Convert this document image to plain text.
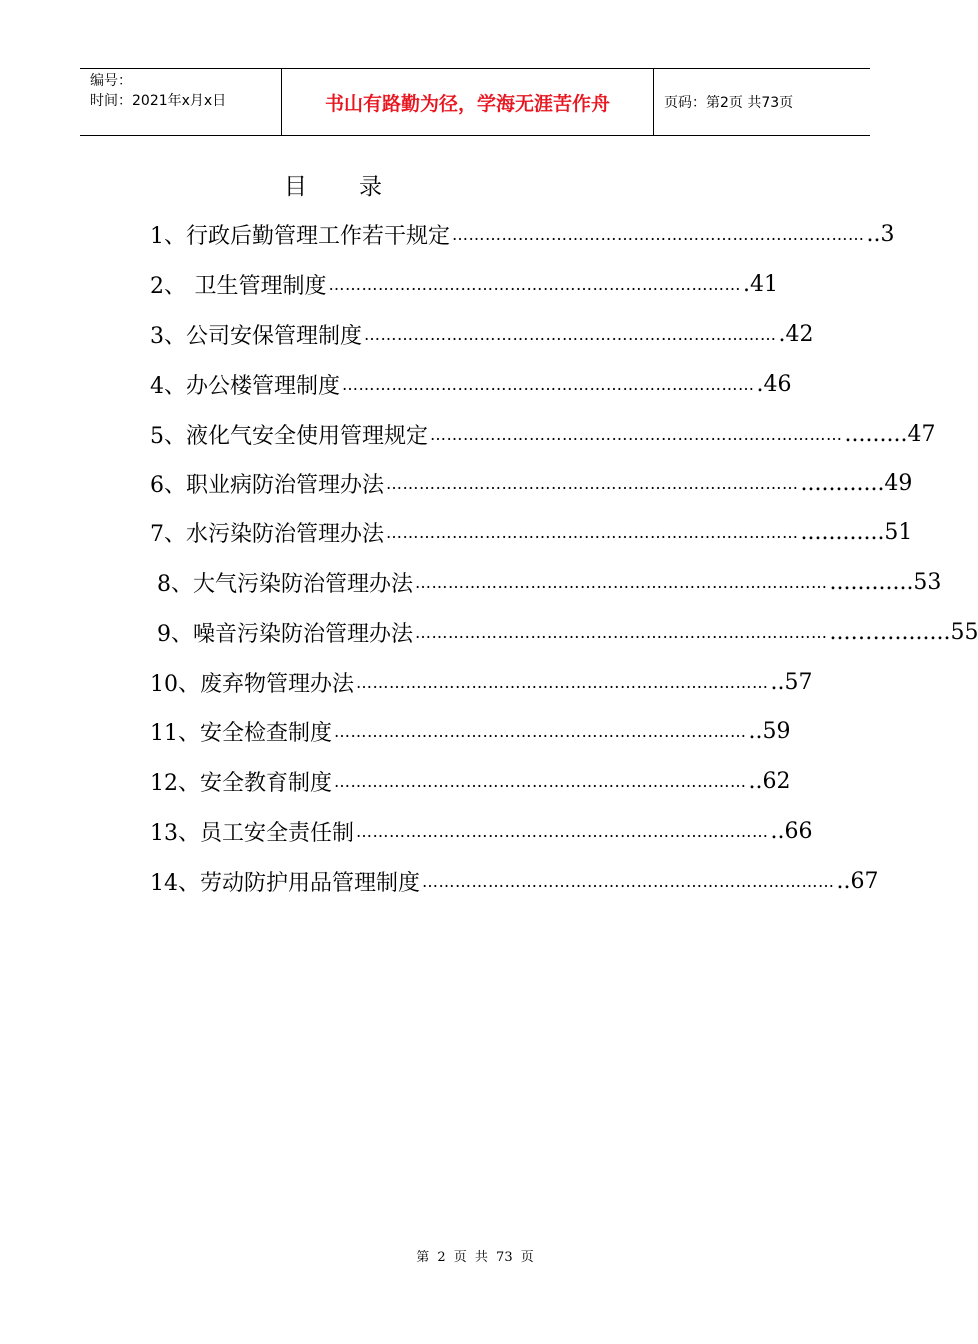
编号：
时间：2021年x月x日	书山有路勤为径，学海无涯苦作舟	页码：第2页 共73页
目录
1、 行政后勤管理工作若干规定 ………………………………………………………………… ..3
2、 卫生管理制度 ………………………………………………………………… .41
3、 公司安保管理制度 ………………………………………………………………… .42
4、 办公楼管理制度 ………………………………………………………………… .46
5、 液化气安全使用管理规定 ………………………………………………………………… .........47
6、 职业病防治管理办法 ………………………………………………………………… ............49
7、 水污染防治管理办法 ………………………………………………………………… ............51
8、 大气污染防治管理办法 ………………………………………………………………… ............53
9、 噪音污染防治管理办法 ………………………………………………………………… ...……........55
10、 废弃物管理办法 ………………………………………………………………… ..57
11、 安全检查制度 ………………………………………………………………… ..59
12、 安全教育制度 ………………………………………………………………… ..62
13、 员工安全责任制 ………………………………………………………………… ..66
14、 劳动防护用品管理制度 ………………………………………………………………… ..67
第 2 页 共 73 页
